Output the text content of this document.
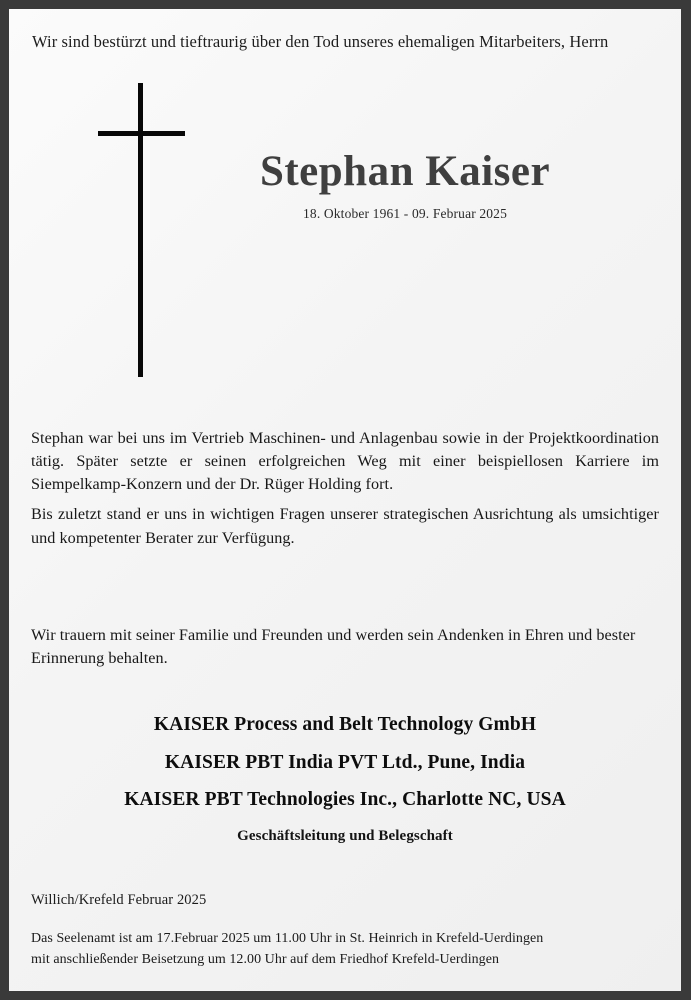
Wir sind bestürzt und tieftraurig über den Tod unseres ehemaligen Mitarbeiters, Herrn
Stephan Kaiser
18. Oktober 1961 - 09. Februar 2025

Stephan war bei uns im Vertrieb Maschinen- und Anlagenbau sowie in der Projektkoordination tätig. Später setzte er seinen erfolgreichen Weg mit einer beispiellosen Karriere im Siempelkamp-Konzern und der Dr. Rüger Holding fort.

Bis zuletzt stand er uns in wichtigen Fragen unserer strategischen Ausrichtung als umsichtiger und kompetenter Berater zur Verfügung.

Wir trauern mit seiner Familie und Freunden und werden sein Andenken in Ehren und bester Erinnerung behalten.

KAISER Process and Belt Technology GmbH
KAISER PBT India PVT Ltd., Pune, India
KAISER PBT Technologies Inc., Charlotte NC, USA
Geschäftsleitung und Belegschaft
Willich/Krefeld Februar 2025
Das Seelenamt ist am 17.Februar 2025 um 11.00 Uhr in St. Heinrich in Krefeld-Uerdingen
mit anschließender Beisetzung um 12.00 Uhr auf dem Friedhof Krefeld-Uerdingen
